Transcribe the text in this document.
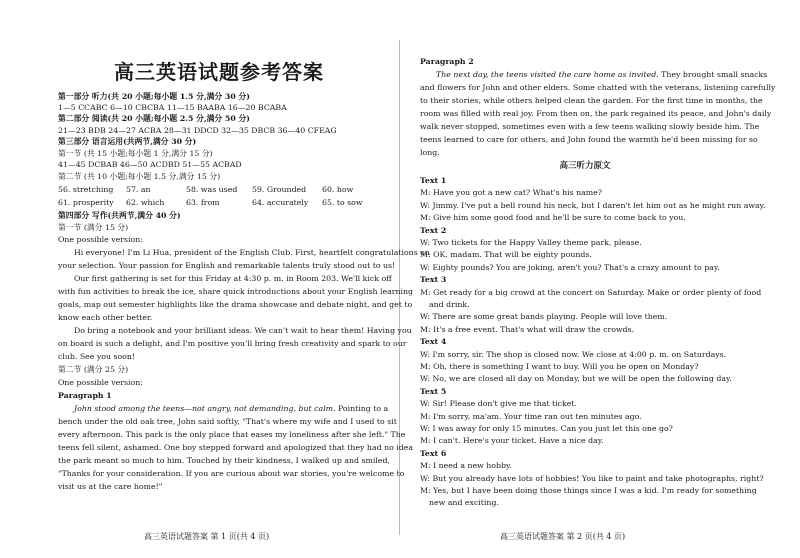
高三英语试题参考答案
第一部分 听力(共 20 小题;每小题 1.5 分,满分 30 分)
1—5 CCABC 6—10 CBCBA 11—15 BAABA 16—20 BCABA
第二部分 阅读(共 20 小题;每小题 2.5 分,满分 50 分)
21—23 BDB 24—27 ACBA 28—31 DDCD 32—35 DBCB 36—40 CFEAG
第三部分 语言运用(共两节,满分 30 分)
第一节 (共 15 小题;每小题 1 分,满分 15 分)
41—45 DCBAB 46—50 ACDBD 51—55 ACBAD
第二节 (共 10 小题;每小题 1.5 分,满分 15 分)
56. stretching 57. an	58. was used 59. Grounded 60. how
61. prosperity 62. which	63. from	64. accurately 65. to sow
第四部分 写作(共两节,满分 40 分)
第一节 (满分 15 分)
One possible version:
Hi everyone! I'm Li Hua, president of the English Club. First, heartfelt congratulations on
your selection. Your passion for English and remarkable talents truly stood out to us!
Our first gathering is set for this Friday at 4:30 p. m. in Room 203. We'll kick off
with fun activities to break the ice, share quick introductions about your English learning
goals, map out semester highlights like the drama showcase and debate night, and get to
know each other better.
Do bring a notebook and your brilliant ideas. We can't wait to hear them! Having you
on board is such a delight, and I'm positive you'll bring fresh creativity and spark to our
club. See you soon!
第二节 (满分 25 分)
One possible version:
Paragraph 1
John stood among the teens—not angry, not demanding, but calm. Pointing to a
bench under the old oak tree, John said softly, "That's where my wife and I used to sit
every afternoon. This park is the only place that eases my loneliness after she left." The
teens fell silent, ashamed. One boy stepped forward and apologized that they had no idea
the park meant so much to him. Touched by their kindness, I walked up and smiled,
"Thanks for your consideration. If you are curious about war stories, you're welcome to
visit us at the care home!"
高三英语试题答案 第 1 页(共 4 页)
Paragraph 2
The next day, the teens visited the care home as invited. They brought small snacks
and flowers for John and other elders. Some chatted with the veterans, listening carefully
to their stories, while others helped clean the garden. For the first time in months, the
room was filled with real joy. From then on, the park regained its peace, and John's daily
walk never stopped, sometimes even with a few teens walking slowly beside him. The
teens learned to care for others, and John found the warmth he'd been missing for so
long.
高三听力原文
Text 1
M: Have you got a new cat? What's his name?
W: Jimmy. I've put a bell round his neck, but I daren't let him out as he might run away.
M: Give him some good food and he'll be sure to come back to you.
Text 2
W: Two tickets for the Happy Valley theme park, please.
M: OK, madam. That will be eighty pounds.
W: Eighty pounds? You are joking, aren't you? That's a crazy amount to pay.
Text 3
M: Get ready for a big crowd at the concert on Saturday. Make or order plenty of food
and drink.
W: There are some great bands playing. People will love them.
M: It's a free event. That's what will draw the crowds.
Text 4
W: I'm sorry, sir. The shop is closed now. We close at 4:00 p. m. on Saturdays.
M: Oh, there is something I want to buy. Will you be open on Monday?
W: No, we are closed all day on Monday, but we will be open the following day.
Text 5
W: Sir! Please don't give me that ticket.
M: I'm sorry, ma'am. Your time ran out ten minutes ago.
W: I was away for only 15 minutes. Can you just let this one go?
M: I can't. Here's your ticket. Have a nice day.
Text 6
M: I need a new hobby.
W: But you already have lots of hobbies! You like to paint and take photographs, right?
M: Yes, but I have been doing those things since I was a kid. I'm ready for something
new and exciting.
高三英语试题答案 第 2 页(共 4 页)
